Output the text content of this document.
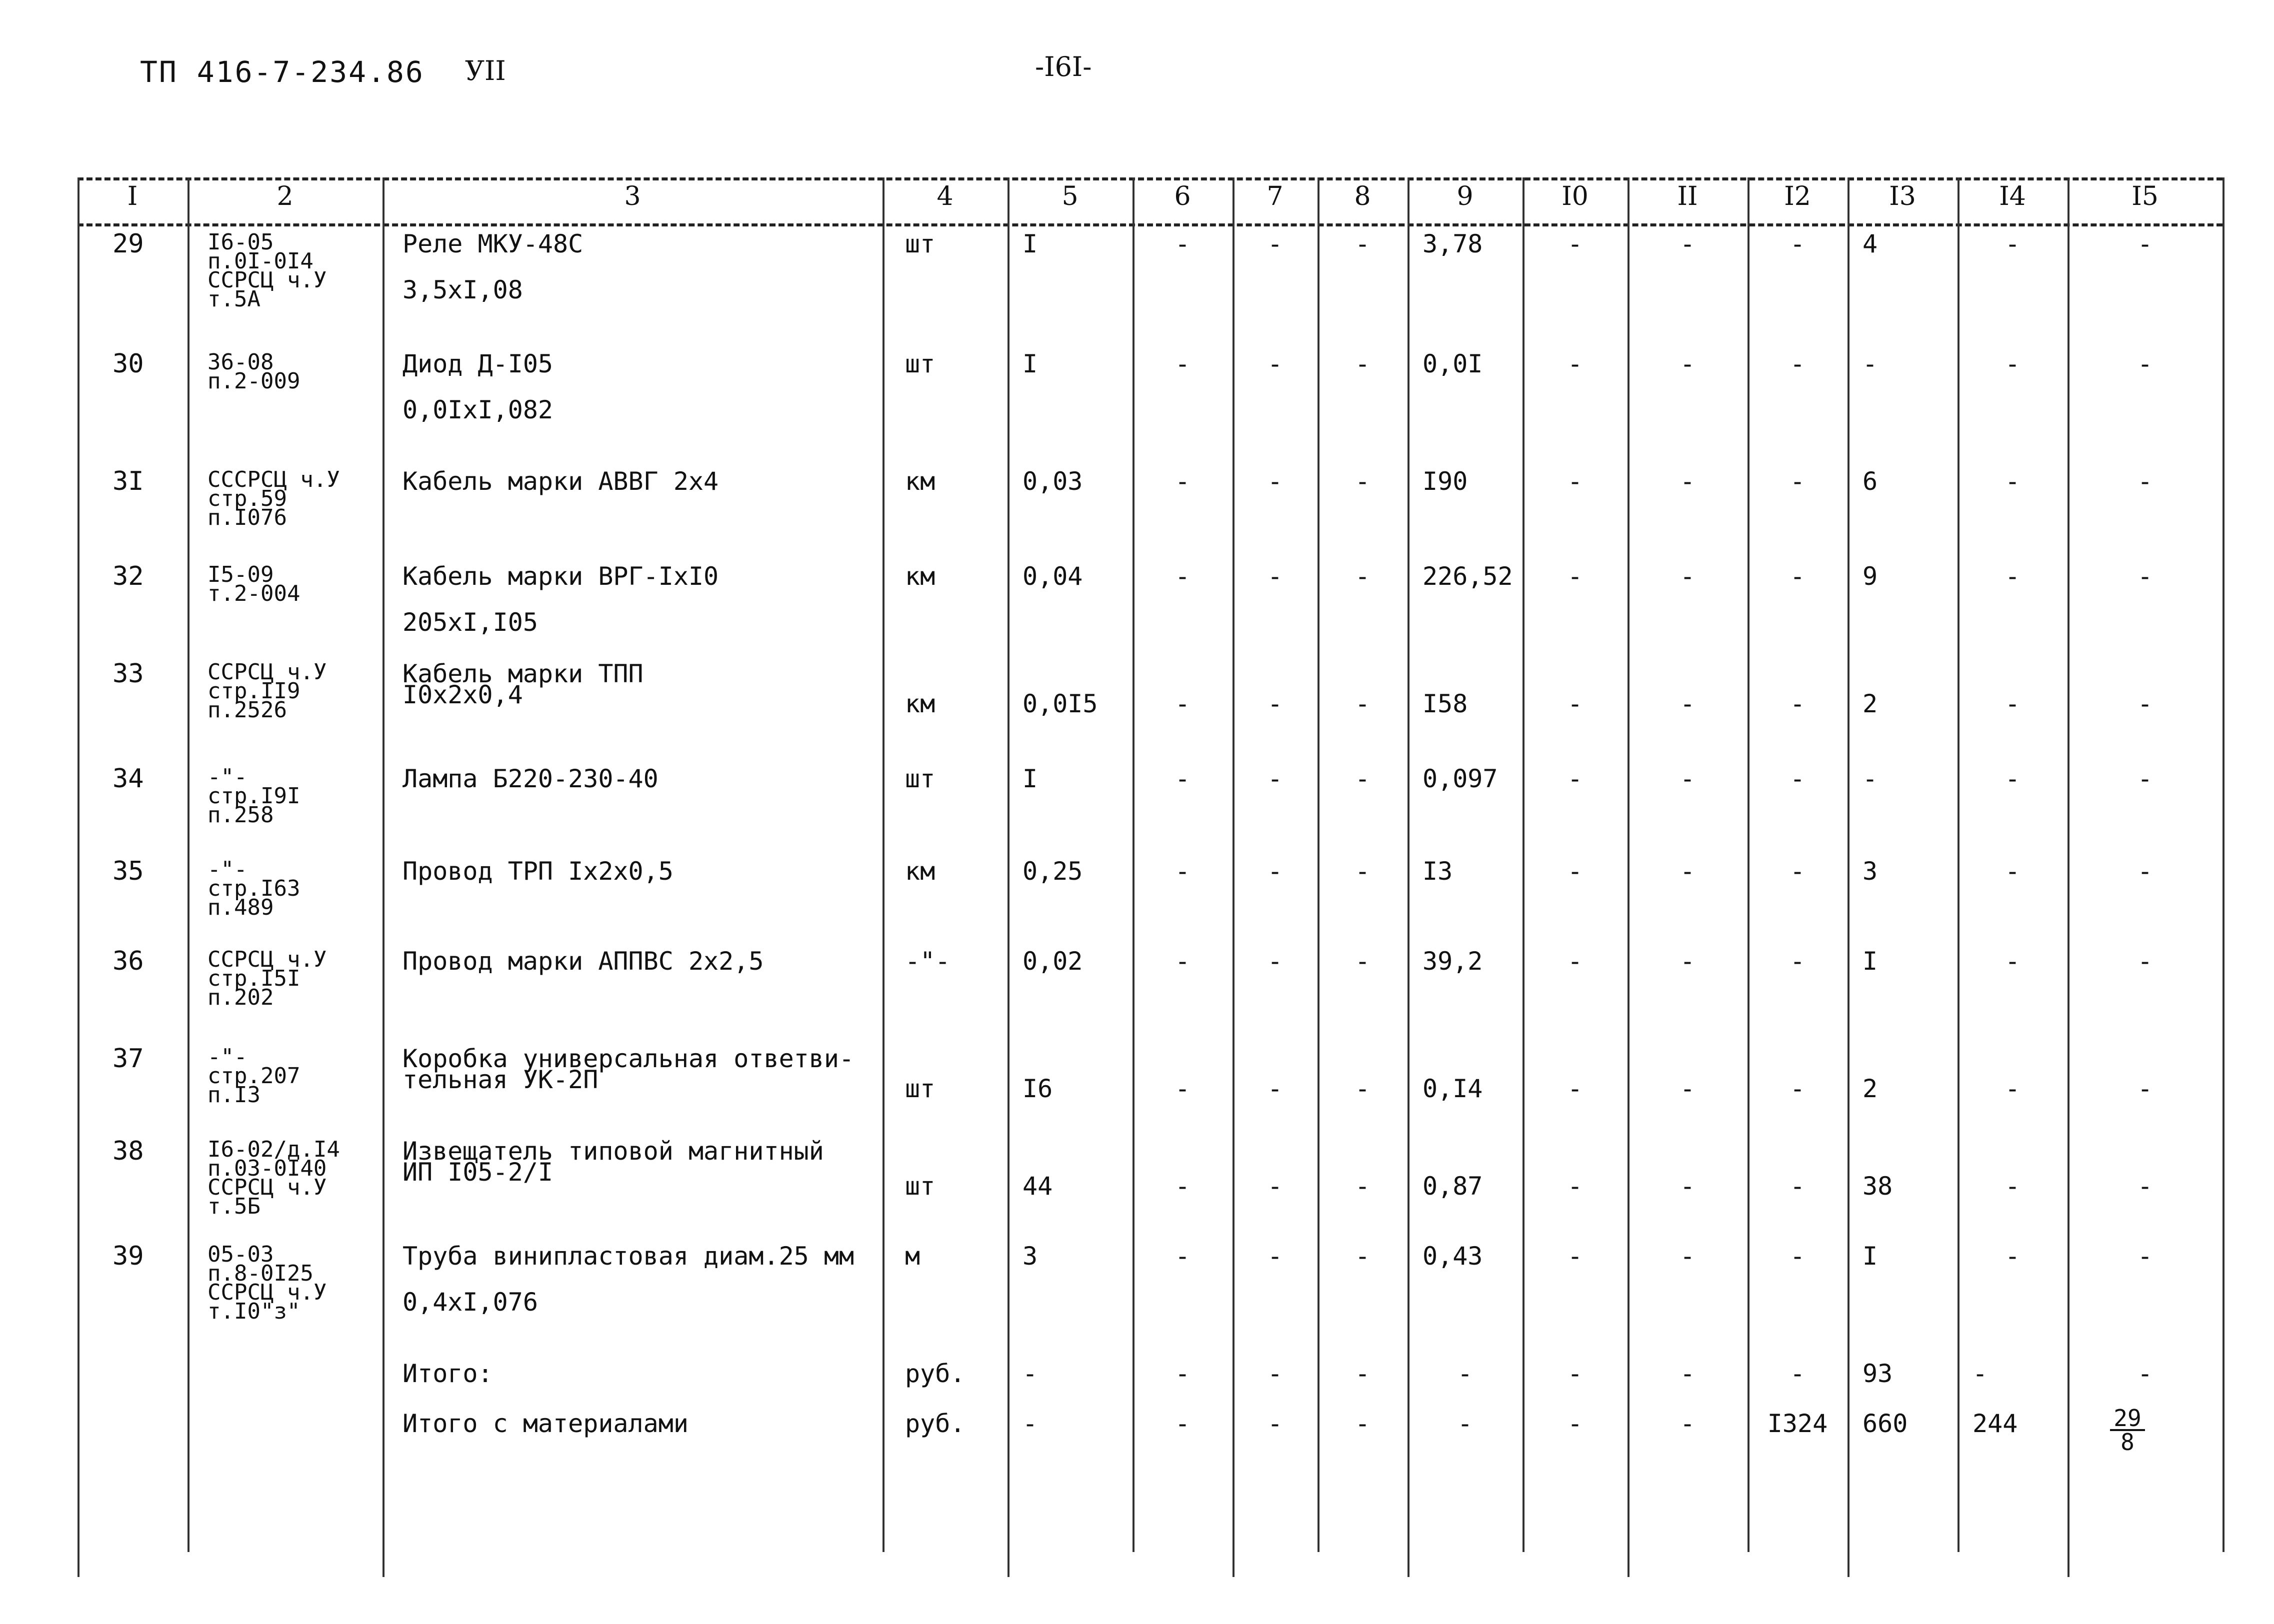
ТП 416-7-234.86 УII	-I6I-
I	2	3	4	5	6	7	8	9	I0	II	I2	I3	I4	I5
29	I6-05
п.0I-0I4
ССРСЦ ч.У
т.5А
Реле МКУ-48С
3,5хI,08
шт	I	-	-	-	3,78	-	-	-	4	-	-
30	36-08
п.2-009
Диод Д-I05
0,0IхI,082
шт	I	-	-	-	0,0I	-	-	-	-	-	-
3I	СССРСЦ ч.У
стр.59
п.I076
Кабель марки АВВГ 2х4	км	0,03	-	-	-	I90	-	-	-	6	-	-
32	I5-09
т.2-004
Кабель марки ВРГ-IхI0
205хI,I05
км	0,04	-	-	-	226,52	-	-	-	9	-	-
33	ССРСЦ ч.У
стр.II9
п.2526
Кабель марки ТПП
I0х2х0,4	км	0,0I5	-	-	-	I58	-	-	-	2	-	-
34	-"-
стр.I9I
п.258
Лампа Б220-230-40	шт	I	-	-	-	0,097	-	-	-	-	-	-
35	-"-
стр.I63
п.489
Провод ТРП Iх2х0,5	км	0,25	-	-	-	I3	-	-	-	3	-	-
36	ССРСЦ ч.У
стр.I5I
п.202
Провод марки АППВС 2х2,5	-"-	0,02	-	-	-	39,2	-	-	-	I	-	-
37	-"-
стр.207
п.I3
Коробка универсальная ответви-
тельная УК-2П	шт	I6	-	-	-	0,I4	-	-	-	2	-	-
38	I6-02/д.I4
п.03-0I40
ССРСЦ ч.У
т.5Б
Извещатель типовой магнитный
ИП I05-2/I	шт	44	-	-	-	0,87	-	-	-	38	-	-
39	05-03
п.8-0I25
ССРСЦ ч.У
т.I0"з"
Труба винипластовая диам.25 мм
0,4хI,076
м	3	-	-	-	0,43	-	-	-	I	-	-
Итого:	руб.	-	-	-	-	-	-	-	-	93	-	-
Итого с материалами	руб.	-	-	-	-	-	-	-	I324	660	244	29
8
